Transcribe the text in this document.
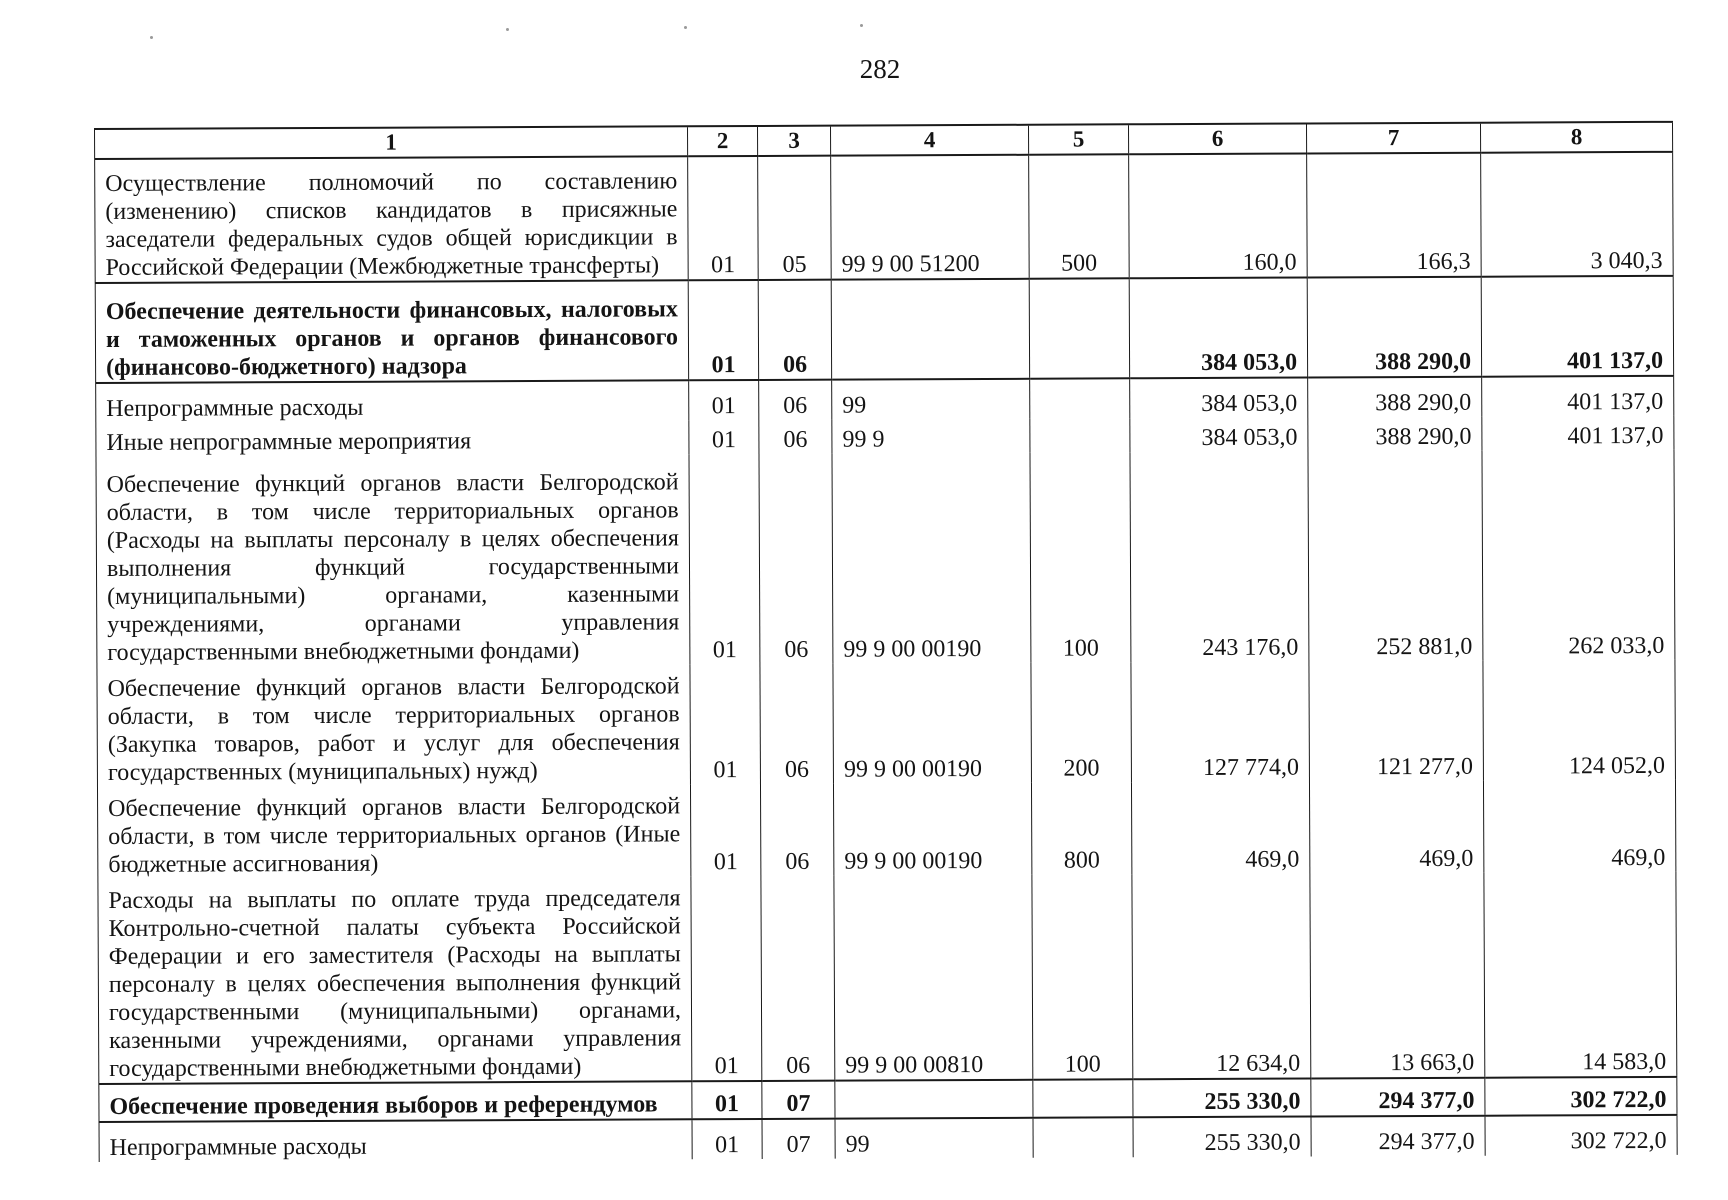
282
1	2	3	4	5	6	7	8
Осуществление полномочий по составлению (изменению) списков кандидатов в присяжные заседатели федеральных судов общей юрисдикции в Российской Федерации (Межбюджетные трансферты)	01	05	99 9 00 51200	500	160,0	166,3	3 040,3
Обеспечение деятельности финансовых, налоговых и таможенных органов и органов финансового (финансово-бюджетного) надзора	01	06			384 053,0	388 290,0	401 137,0
Непрограммные расходы	01	06	99		384 053,0	388 290,0	401 137,0
Иные непрограммные мероприятия	01	06	99 9		384 053,0	388 290,0	401 137,0
Обеспечение функций органов власти Белгородской области, в том числе территориальных органов (Расходы на выплаты персоналу в целях обеспечения выполнения функций государственными (муниципальными) органами, казенными учреждениями, органами управления государственными внебюджетными фондами)	01	06	99 9 00 00190	100	243 176,0	252 881,0	262 033,0
Обеспечение функций органов власти Белгородской области, в том числе территориальных органов (Закупка товаров, работ и услуг для обеспечения государственных (муниципальных) нужд)	01	06	99 9 00 00190	200	127 774,0	121 277,0	124 052,0
Обеспечение функций органов власти Белгородской области, в том числе территориальных органов (Иные бюджетные ассигнования)	01	06	99 9 00 00190	800	469,0	469,0	469,0
Расходы на выплаты по оплате труда председателя Контрольно-счетной палаты субъекта Российской Федерации и его заместителя (Расходы на выплаты персоналу в целях обеспечения выполнения функций государственными (муниципальными) органами, казенными учреждениями, органами управления государственными внебюджетными фондами)	01	06	99 9 00 00810	100	12 634,0	13 663,0	14 583,0
Обеспечение проведения выборов и референдумов	01	07			255 330,0	294 377,0	302 722,0
Непрограммные расходы	01	07	99		255 330,0	294 377,0	302 722,0
